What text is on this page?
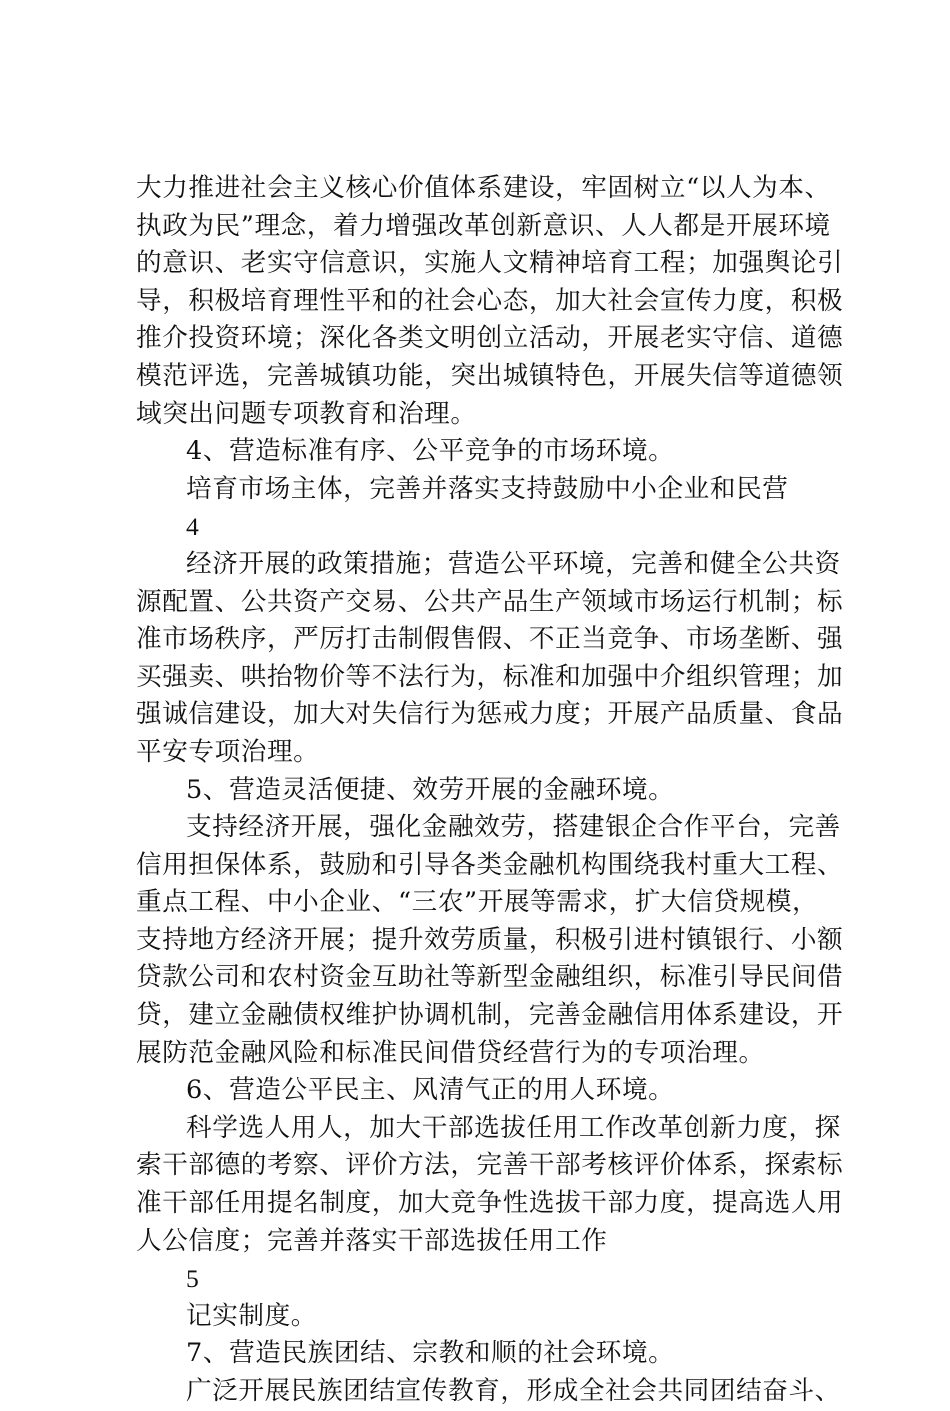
大力推进社会主义核心价值体系建设，牢固树立“以人为本、
执政为民”理念，着力增强改革创新意识、人人都是开展环境
的意识、老实守信意识，实施人文精神培育工程；加强舆论引
导，积极培育理性平和的社会心态，加大社会宣传力度，积极
推介投资环境；深化各类文明创立活动，开展老实守信、道德
模范评选，完善城镇功能，突出城镇特色，开展失信等道德领
域突出问题专项教育和治理。
4、营造标准有序、公平竞争的市场环境。
培育市场主体，完善并落实支持鼓励中小企业和民营
4
经济开展的政策措施；营造公平环境，完善和健全公共资
源配置、公共资产交易、公共产品生产领域市场运行机制；标
准市场秩序，严厉打击制假售假、不正当竞争、市场垄断、强
买强卖、哄抬物价等不法行为，标准和加强中介组织管理；加
强诚信建设，加大对失信行为惩戒力度；开展产品质量、食品
平安专项治理。
5、营造灵活便捷、效劳开展的金融环境。
支持经济开展，强化金融效劳，搭建银企合作平台，完善
信用担保体系，鼓励和引导各类金融机构围绕我村重大工程、
重点工程、中小企业、“三农”开展等需求，扩大信贷规模，
支持地方经济开展；提升效劳质量，积极引进村镇银行、小额
贷款公司和农村资金互助社等新型金融组织，标准引导民间借
贷，建立金融债权维护协调机制，完善金融信用体系建设，开
展防范金融风险和标准民间借贷经营行为的专项治理。
6、营造公平民主、风清气正的用人环境。
科学选人用人，加大干部选拔任用工作改革创新力度，探
索干部德的考察、评价方法，完善干部考核评价体系，探索标
准干部任用提名制度，加大竞争性选拔干部力度，提高选人用
人公信度；完善并落实干部选拔任用工作
5
记实制度。
7、营造民族团结、宗教和顺的社会环境。
广泛开展民族团结宣传教育，形成全社会共同团结奋斗、
